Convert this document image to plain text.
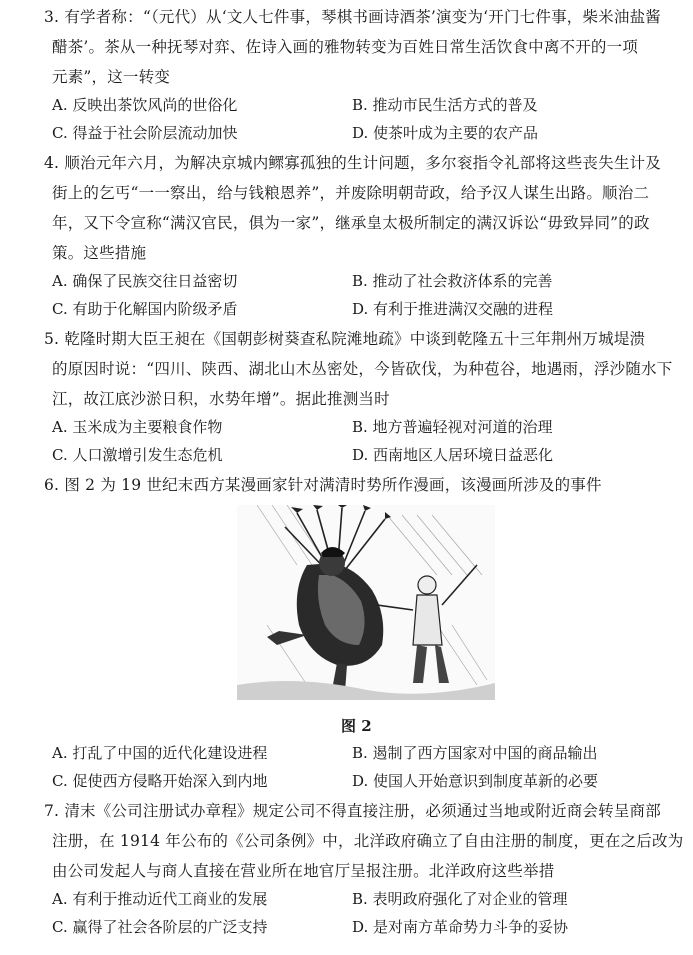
3. 有学者称：“（元代）从‘文人七件事，琴棋书画诗酒茶’演变为‘开门七件事，柴米油盐酱
醋茶’。茶从一种抚琴对弈、佐诗入画的雅物转变为百姓日常生活饮食中离不开的一项
元素”，这一转变
A. 反映出茶饮风尚的世俗化	B. 推动市民生活方式的普及
C. 得益于社会阶层流动加快	D. 使茶叶成为主要的农产品
4. 顺治元年六月，为解决京城内鳏寡孤独的生计问题，多尔衮指令礼部将这些丧失生计及
街上的乞丐“一一察出，给与钱粮恩养”，并废除明朝苛政，给予汉人谋生出路。顺治二
年，又下令宣称“满汉官民，俱为一家”，继承皇太极所制定的满汉诉讼“毋致异同”的政
策。这些措施
A. 确保了民族交往日益密切	B. 推动了社会救济体系的完善
C. 有助于化解国内阶级矛盾	D. 有利于推进满汉交融的进程
5. 乾隆时期大臣王昶在《国朝彭树葵查私院滩地疏》中谈到乾隆五十三年荆州万城堤溃
的原因时说：“四川、陕西、湖北山木丛密处，今皆砍伐，为种苞谷，地遇雨，浮沙随水下
江，故江底沙淤日积，水势年增”。据此推测当时
A. 玉米成为主要粮食作物	B. 地方普遍轻视对河道的治理
C. 人口激增引发生态危机	D. 西南地区人居环境日益恶化
6. 图 2 为 19 世纪末西方某漫画家针对满清时势所作漫画，该漫画所涉及的事件
图 2
A. 打乱了中国的近代化建设进程	B. 遏制了西方国家对中国的商品输出
C. 促使西方侵略开始深入到内地	D. 使国人开始意识到制度革新的必要
7. 清末《公司注册试办章程》规定公司不得直接注册，必须通过当地或附近商会转呈商部
注册，在 1914 年公布的《公司条例》中，北洋政府确立了自由注册的制度，更在之后改为
由公司发起人与商人直接在营业所在地官厅呈报注册。北洋政府这些举措
A. 有利于推动近代工商业的发展	B. 表明政府强化了对企业的管理
C. 赢得了社会各阶层的广泛支持	D. 是对南方革命势力斗争的妥协
